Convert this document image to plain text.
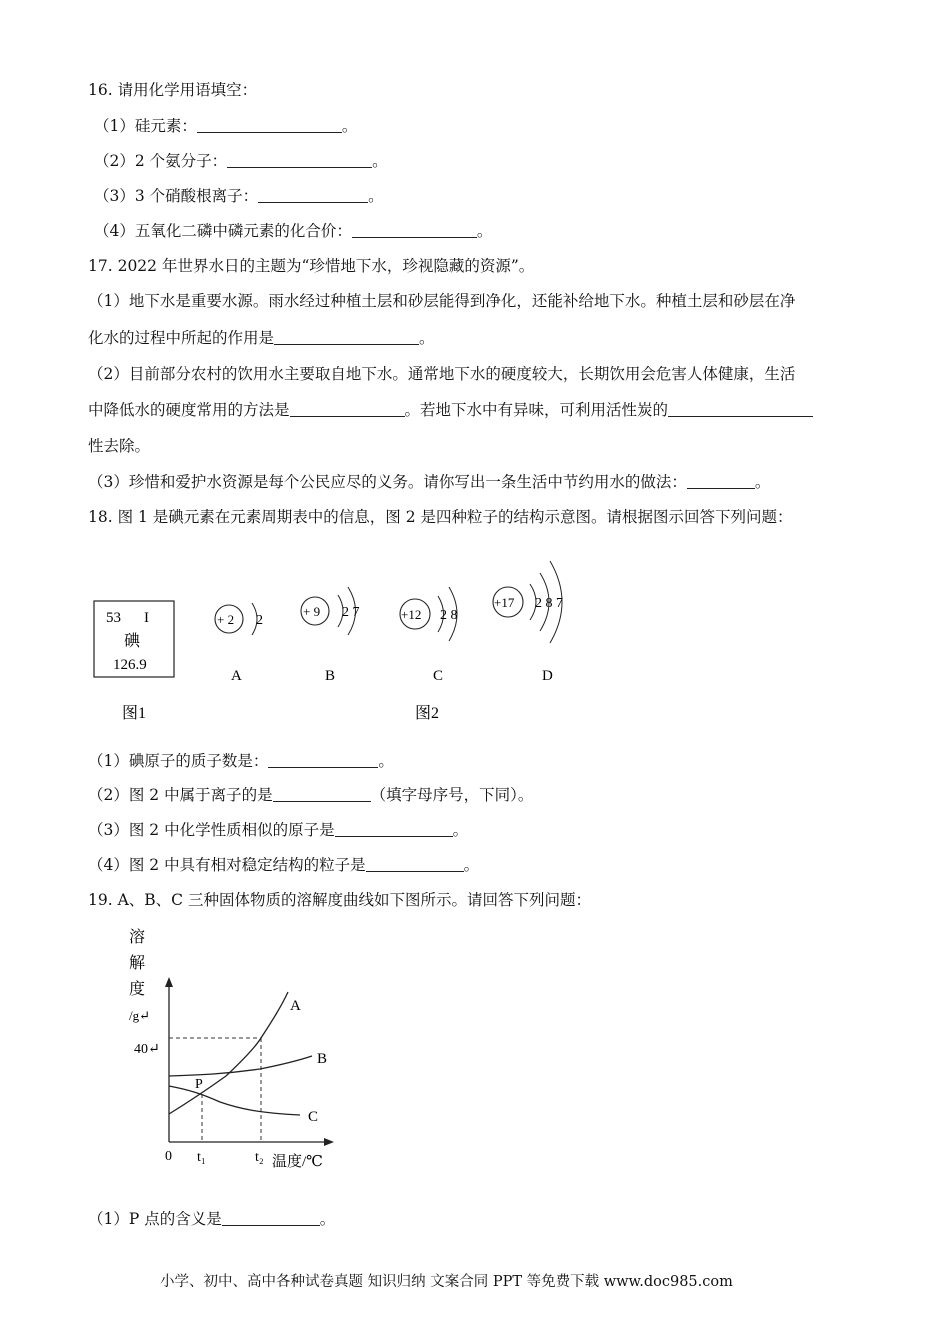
16. 请用化学用语填空：
（1）硅元素：	。
（2）2 个氨分子：	。
（3）3 个硝酸根离子：	。
（4）五氧化二磷中磷元素的化合价：	。
17. 2022 年世界水日的主题为“珍惜地下水，珍视隐藏的资源”。
（1）地下水是重要水源。雨水经过种植土层和砂层能得到净化，还能补给地下水。种植土层和砂层在净
化水的过程中所起的作用是	。
（2）目前部分农村的饮用水主要取自地下水。通常地下水的硬度较大，长期饮用会危害人体健康，生活
中降低水的硬度常用的方法是	。若地下水中有异味，可利用活性炭的
性去除。
（3）珍惜和爱护水资源是每个公民应尽的义务。请你写出一条生活中节约用水的做法：	。
18. 图 1 是碘元素在元素周期表中的信息，图 2 是四种粒子的结构示意图。请根据图示回答下列问题：
53 I
碘
126.9
图1
+ 2 2
A
+ 9 2 7
B
+12 2 8
C
+17 2 8 7
D
图2
（1）碘原子的质子数是：	。
（2）图 2 中属于离子的是	（填字母序号，下同）。
（3）图 2 中化学性质相似的原子是	。
（4）图 2 中具有相对稳定结构的粒子是	。
19. A、B、C 三种固体物质的溶解度曲线如下图所示。请回答下列问题：
溶
解
度
/g↵
A
B
C
P
40↵
0 t₁	t₂ 温度/℃
（1）P 点的含义是	。
小学、初中、高中各种试卷真题 知识归纳 文案合同 PPT 等免费下载 www.doc985.com
